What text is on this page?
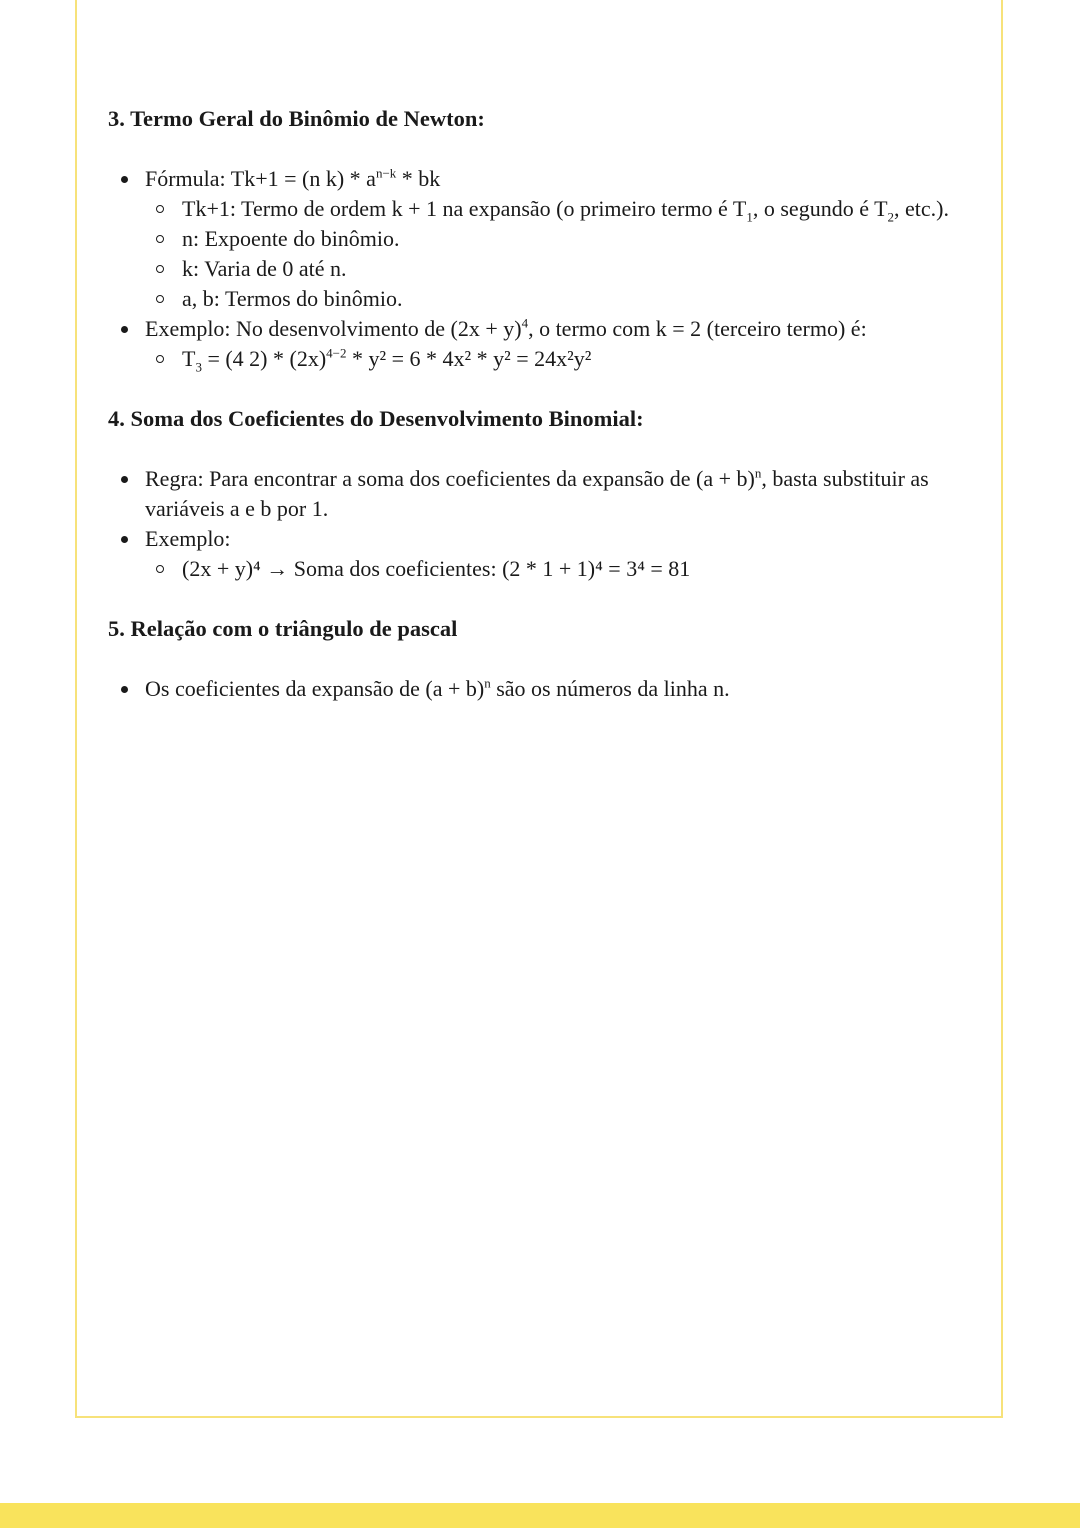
3. Termo Geral do Binômio de Newton:
Fórmula: Tk+1 = (n $k) * a^{n-k}$ * bk
Tk+1: Termo de ordem k + 1 na expansão (o primeiro termo é $T_1$, o segundo é $T_2$, etc.).
n: Expoente do binômio.
k: Varia de 0 até n.
a, b: Termos do binômio.
Exemplo: No desenvolvimento de $(2x + y)^4$, o termo com k = 2 (terceiro termo) é:
$T_3 = (4$ $2) * (2x)^{4-2} * y^2 = 6 * 4x^2 * y^2 = 24x^2y^2$
4. Soma dos Coeficientes do Desenvolvimento Binomial:
Regra: Para encontrar a soma dos coeficientes da expansão de $(a + b)^n$, basta substituir as variáveis a e b por 1.
Exemplo:
(2x + y)⁴ → Soma dos coeficientes: (2 * 1 + 1)⁴ = 3⁴ = 81
5. Relação com o triângulo de pascal
Os coeficientes da expansão de $(a + b)^n$ são os números da linha n.
